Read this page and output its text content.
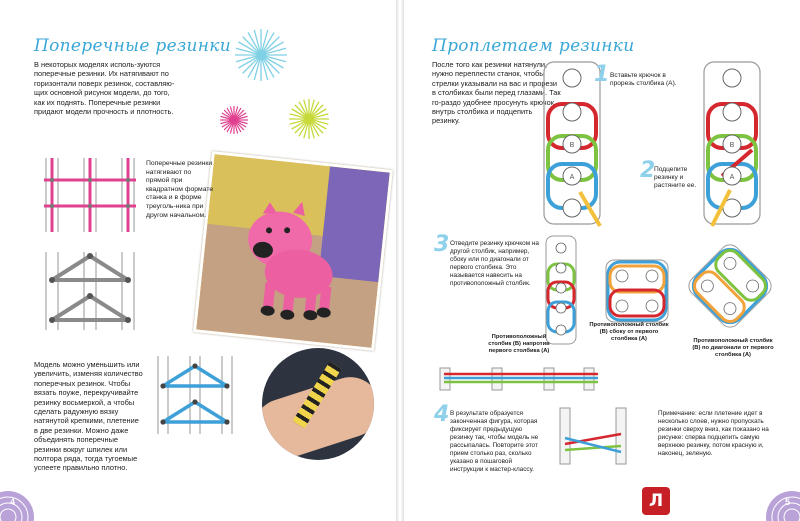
Поперечные резинки
В некоторых моделях исполь-зуются поперечные резинки. Их натягивают по горизонтали поверх резинок, составляю-щих основной рисунок модели, до того, как их поднять. Поперечные резинки придают модели прочность и плотность.
Поперечные резинки натягивают по прямой при квадратном формате станка и в форме треуголь-ника при другом начальном.
Модель можно уменьшить или увеличить, изменяя количество поперечных резинок. Чтобы вязать поуже, перекручивайте резинку восьмеркой, а чтобы сделать радужную вязку натянутой крепкими, плетение в две резинки. Можно даже объединять поперечные резинки вокруг шпилек или полтора ряда, тогда тугоемые успеете правильно плотно.
4
Проплетаем резинки
После того как резинки натянули, нужно переплести станок, чтобы стрелки указывали на вас и прорези в столбиках были перед глазами. Так го-раздо удобнее просунуть крючок внутрь столбика и подцепить резинку.
B
A
1 Вставьте крючок в прорезь столбика (А).
B
A
2
Подцепите резинку и растяните ее.
3 Отведите резинку крючком на другой столбик, например, сбоку или по диагонали от первого столбика. Это называется навесить на противоположный столбик.
Противоположный столбик (В) напротив первого столбика (А)
Противоположный столбик (В) сбоку от первого столбика (А)	Противоположный столбик (В) по диагонали от первого столбика (А)
4 В результате образуется законченная фигура, которая фиксирует предыдущую резинку так, чтобы модель не рассыпалась. Повторите этот прием столько раз, сколько указано в пошаговой инструкции к мастер-классу.
Примечание: если плетение идет в несколько слоев, нужно пропускать резинки сверху вниз, как показано на рисунке: сперва подцепить самую верхнюю резинку, потом красную и, наконец, зеленую.
5
Л
